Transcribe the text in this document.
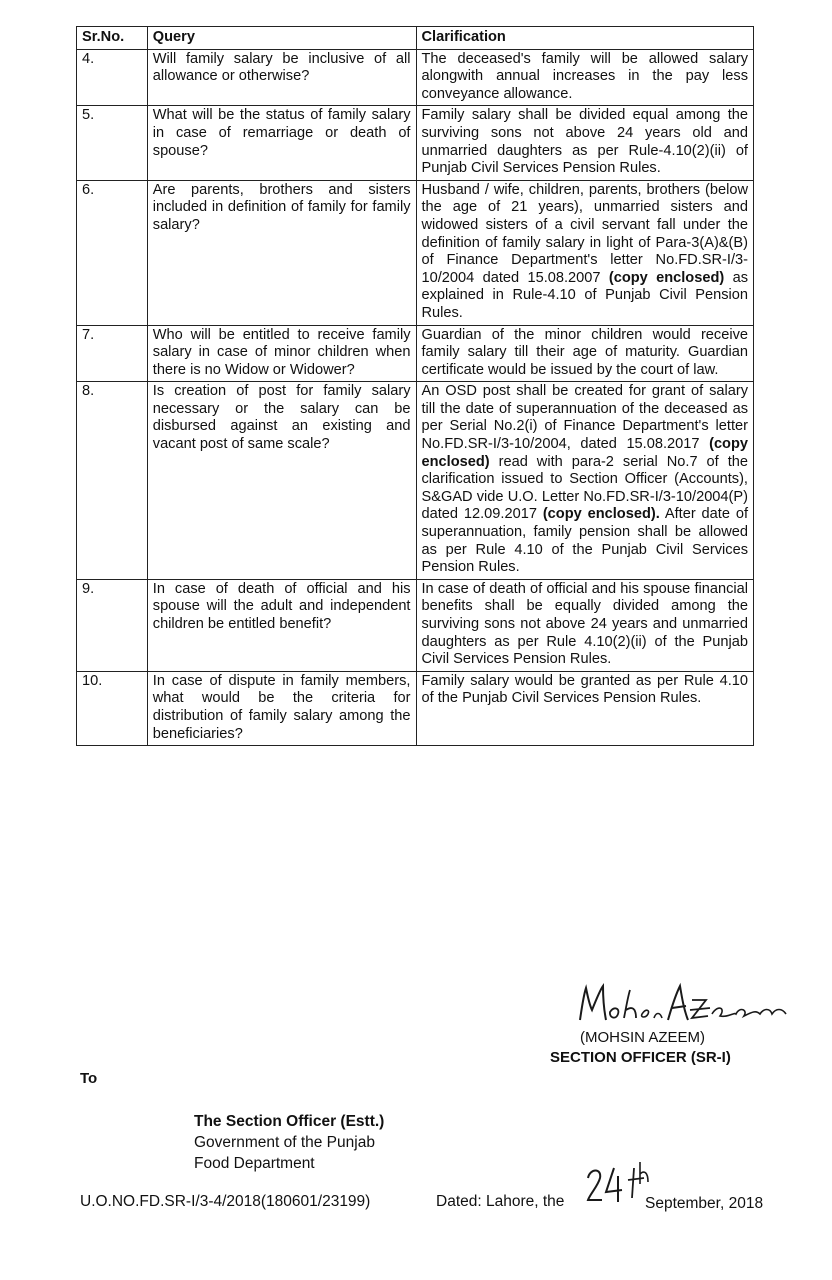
Sr.No.	Query	Clarification
4.	Will family salary be inclusive of all allowance or otherwise?	The deceased's family will be allowed salary alongwith annual increases in the pay less conveyance allowance.
5.	What will be the status of family salary in case of remarriage or death of spouse?	Family salary shall be divided equal among the surviving sons not above 24 years old and unmarried daughters as per Rule-4.10(2)(ii) of Punjab Civil Services Pension Rules.
6.	Are parents, brothers and sisters included in definition of family for family salary?	Husband / wife, children, parents, brothers (below the age of 21 years), unmarried sisters and widowed sisters of a civil servant fall under the definition of family salary in light of Para-3(A)&(B) of Finance Department's letter No.FD.SR-I/3-10/2004 dated 15.08.2007 (copy enclosed) as explained in Rule-4.10 of Punjab Civil Pension Rules.
7.	Who will be entitled to receive family salary in case of minor children when there is no Widow or Widower?	Guardian of the minor children would receive family salary till their age of maturity. Guardian certificate would be issued by the court of law.
8.	Is creation of post for family salary necessary or the salary can be disbursed against an existing and vacant post of same scale?	An OSD post shall be created for grant of salary till the date of superannuation of the deceased as per Serial No.2(i) of Finance Department's letter No.FD.SR-I/3-10/2004, dated 15.08.2017 (copy enclosed) read with para-2 serial No.7 of the clarification issued to Section Officer (Accounts), S&GAD vide U.O. Letter No.FD.SR-I/3-10/2004(P) dated 12.09.2017 (copy enclosed). After date of superannuation, family pension shall be allowed as per Rule 4.10 of the Punjab Civil Services Pension Rules.
9.	In case of death of official and his spouse will the adult and independent children be entitled benefit?	In case of death of official and his spouse financial benefits shall be equally divided among the surviving sons not above 24 years and unmarried daughters as per Rule 4.10(2)(ii) of the Punjab Civil Services Pension Rules.
10.	In case of dispute in family members, what would be the criteria for distribution of family salary among the beneficiaries?	Family salary would be granted as per Rule 4.10 of the Punjab Civil Services Pension Rules.
(MOHSIN AZEEM)
SECTION OFFICER (SR-I)
To
The Section Officer (Estt.)
Government of the Punjab
Food Department
U.O.NO.FD.SR-I/3-4/2018(180601/23199)	Dated: Lahore, the	September, 2018
